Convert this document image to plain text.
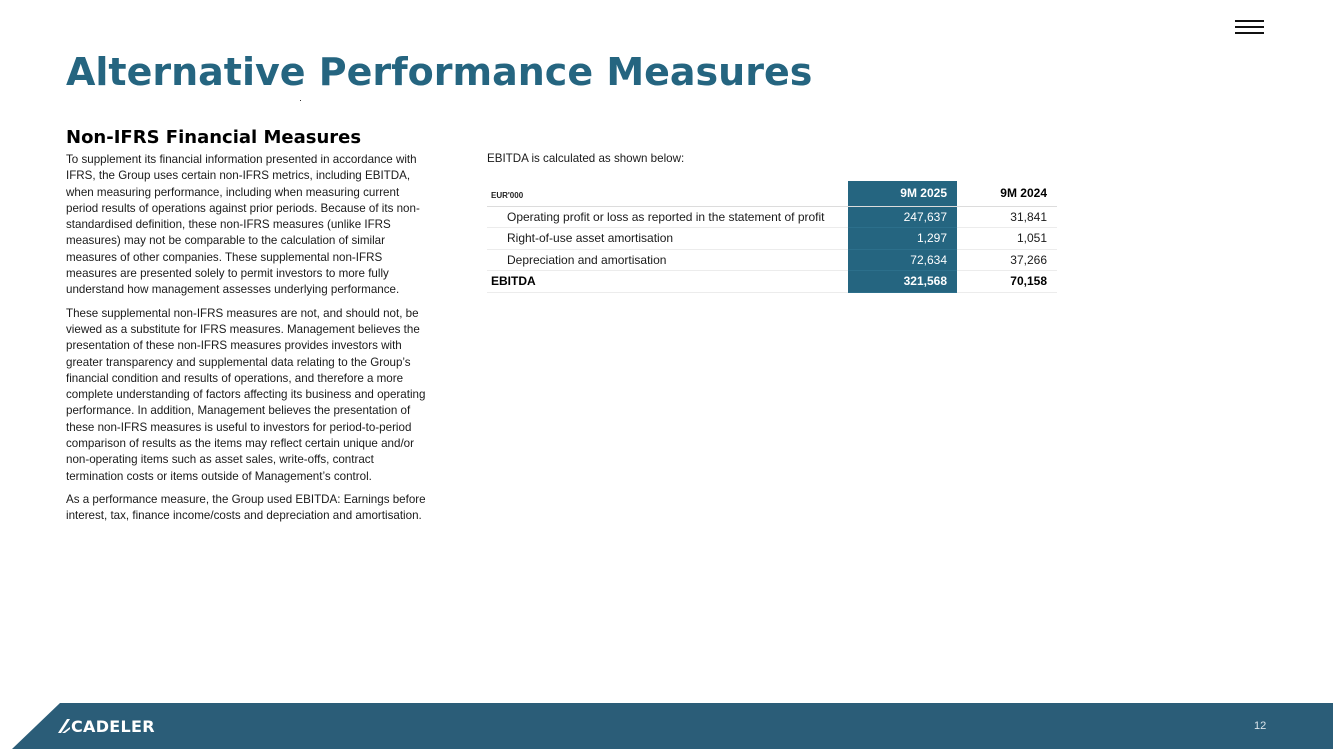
Alternative Performance Measures
Non-IFRS Financial Measures

To supplement its financial information presented in accordance with IFRS, the Group uses certain non-IFRS metrics, including EBITDA, when measuring performance, including when measuring current period results of operations against prior periods. Because of its non-standardised definition, these non-IFRS measures (unlike IFRS measures) may not be comparable to the calculation of similar measures of other companies. These supplemental non-IFRS measures are presented solely to permit investors to more fully understand how management assesses underlying performance.

These supplemental non-IFRS measures are not, and should not, be viewed as a substitute for IFRS measures. Management believes the presentation of these non-IFRS measures provides investors with greater transparency and supplemental data relating to the Group’s financial condition and results of operations, and therefore a more complete understanding of factors affecting its business and operating performance. In addition, Management believes the presentation of these non-IFRS measures is useful to investors for period-to-period comparison of results as the items may reflect certain unique and/or non-operating items such as asset sales, write-offs, contract termination costs or items outside of Management’s control.

As a performance measure, the Group used EBITDA: Earnings before interest, tax, finance income/costs and depreciation and amortisation.

EBITDA is calculated as shown below:
EUR'000	9M 2025	9M 2024
Operating profit or loss as reported in the statement of profit	247,637	31,841
Right-of-use asset amortisation	1,297	1,051
Depreciation and amortisation	72,634	37,266
EBITDA	321,568	70,158
CADELER	12
